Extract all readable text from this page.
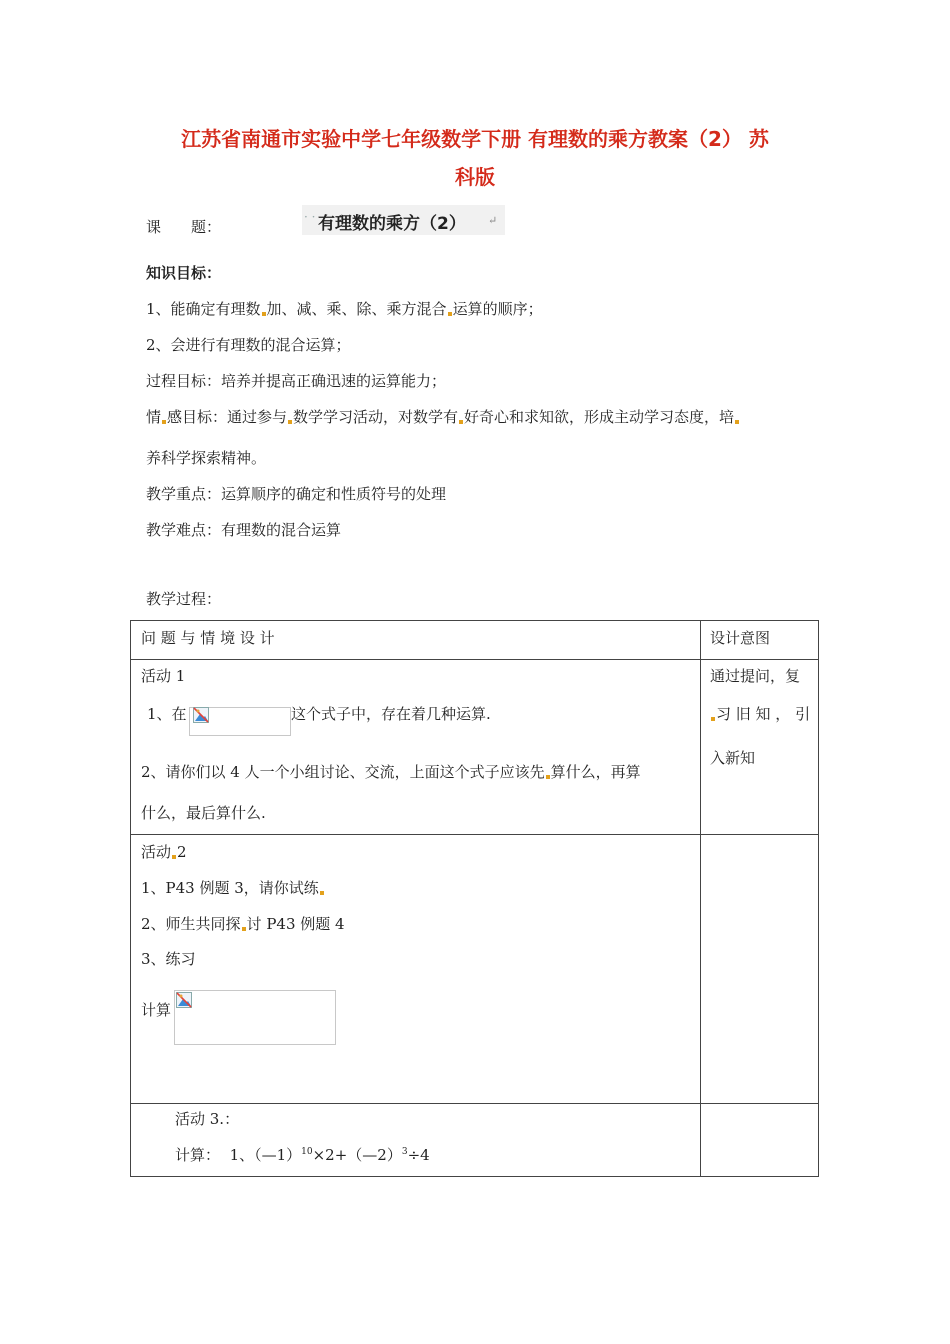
江苏省南通市实验中学七年级数学下册 有理数的乘方教案（2） 苏
科版
课　　题：
· · 有理数的乘方（2） ↵
知识目标：
1、能确定有理数 加、减、乘、除、乘方混合 运算的顺序；
2、会进行有理数的混合运算；
过程目标：培养并提高正确迅速的运算能力；
情 感目标：通过参与 数学学习活动，对数学有 好奇心和求知欲，形成主动学习态度，培
养科学探索精神。
教学重点：运算顺序的确定和性质符号的处理
教学难点：有理数的混合运算
教学过程：
问 题 与 情 境 设 计	设计意图
活动 1
1、在	这个式子中，存在着几种运算.
2、请你们以 4 人一个小组讨论、交流，上面这个式子应该先 算什么，再算
什么，最后算什么.
通过提问，复
习 旧 知 ， 引
入新知
活动 2
1、P43 例题 3，请你试练
2、师生共同探 讨 P43 例题 4
3、练习
计算
活动 3.：
计算： 1、（—1）$^{10}$×2+（—2）$^3$÷4
